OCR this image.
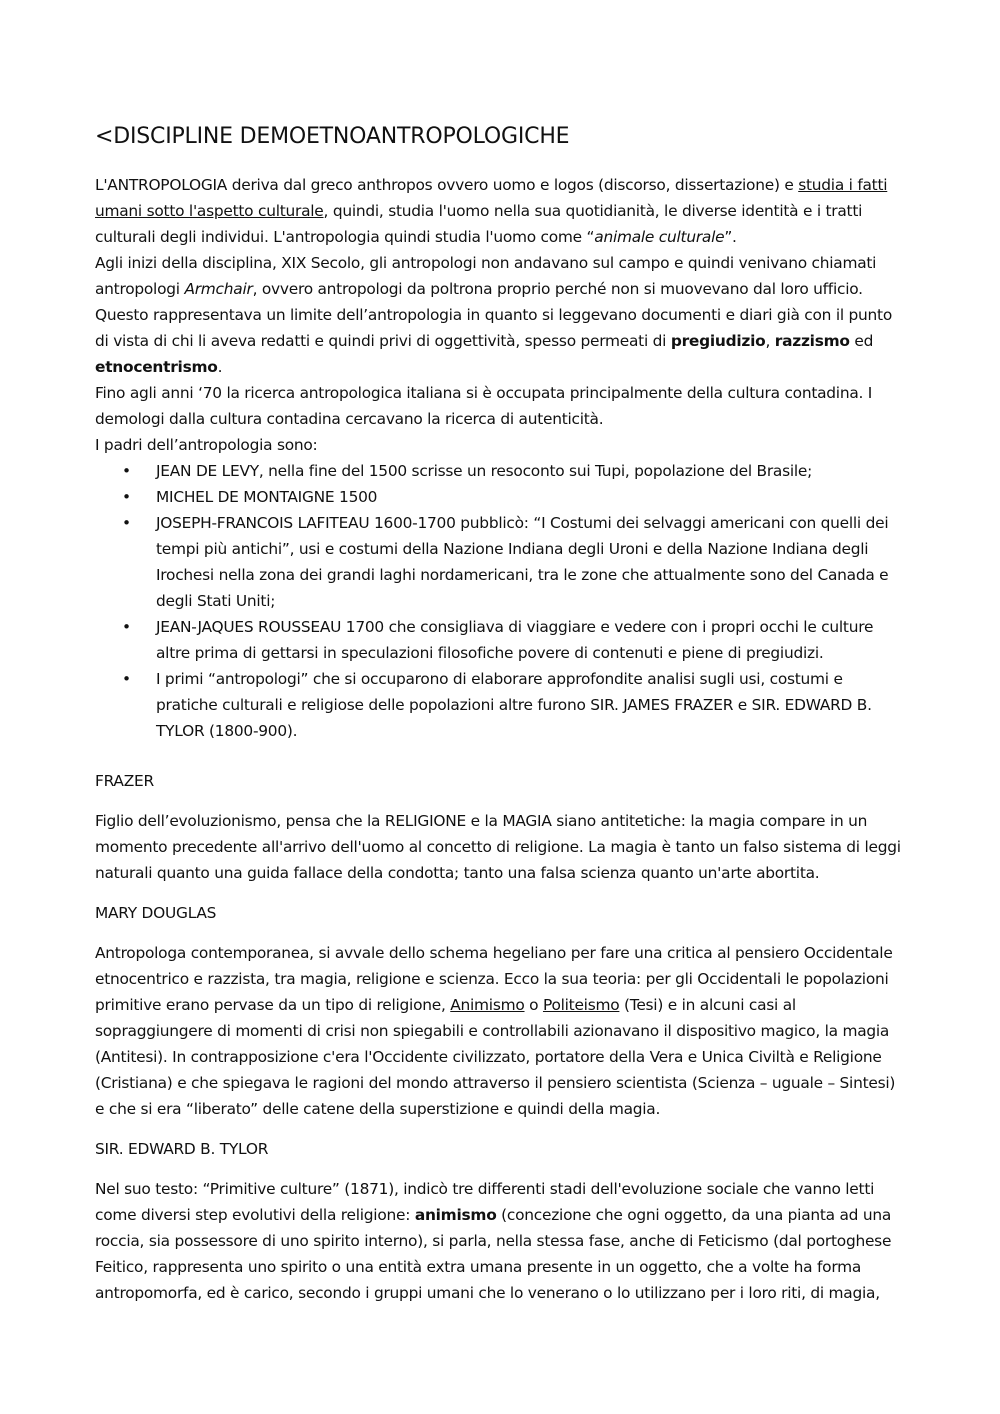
<DISCIPLINE DEMOETNOANTROPOLOGICHE

L'ANTROPOLOGIA deriva dal greco anthropos ovvero uomo e logos (discorso, dissertazione) e studia i fatti umani sotto l'aspetto culturale, quindi, studia l'uomo nella sua quotidianità, le diverse identità e i tratti culturali degli individui. L'antropologia quindi studia l'uomo come “animale culturale”.

Agli inizi della disciplina, XIX Secolo, gli antropologi non andavano sul campo e quindi venivano chiamati antropologi Armchair, ovvero antropologi da poltrona proprio perché non si muovevano dal loro ufficio. Questo rappresentava un limite dell’antropologia in quanto si leggevano documenti e diari già con il punto di vista di chi li aveva redatti e quindi privi di oggettività, spesso permeati di pregiudizio, razzismo ed etnocentrismo.

Fino agli anni ‘70 la ricerca antropologica italiana si è occupata principalmente della cultura contadina. I demologi dalla cultura contadina cercavano la ricerca di autenticità.

I padri dell’antropologia sono:

• JEAN DE LEVY, nella fine del 1500 scrisse un resoconto sui Tupi, popolazione del Brasile;
• MICHEL DE MONTAIGNE 1500
• JOSEPH-FRANCOIS LAFITEAU 1600-1700 pubblicò: “I Costumi dei selvaggi americani con quelli dei tempi più antichi”, usi e costumi della Nazione Indiana degli Uroni e della Nazione Indiana degli Irochesi nella zona dei grandi laghi nordamericani, tra le zone che attualmente sono del Canada e degli Stati Uniti;
• JEAN-JAQUES ROUSSEAU 1700 che consigliava di viaggiare e vedere con i propri occhi le culture altre prima di gettarsi in speculazioni filosofiche povere di contenuti e piene di pregiudizi.
• I primi “antropologi” che si occuparono di elaborare approfondite analisi sugli usi, costumi e pratiche culturali e religiose delle popolazioni altre furono SIR. JAMES FRAZER e SIR. EDWARD B. TYLOR (1800-900).

FRAZER

Figlio dell’evoluzionismo, pensa che la RELIGIONE e la MAGIA siano antitetiche: la magia compare in un momento precedente all'arrivo dell'uomo al concetto di religione. La magia è tanto un falso sistema di leggi naturali quanto una guida fallace della condotta; tanto una falsa scienza quanto un'arte abortita.

MARY DOUGLAS

Antropologa contemporanea, si avvale dello schema hegeliano per fare una critica al pensiero Occidentale etnocentrico e razzista, tra magia, religione e scienza. Ecco la sua teoria: per gli Occidentali le popolazioni primitive erano pervase da un tipo di religione, Animismo o Politeismo (Tesi) e in alcuni casi al sopraggiungere di momenti di crisi non spiegabili e controllabili azionavano il dispositivo magico, la magia (Antitesi). In contrapposizione c'era l'Occidente civilizzato, portatore della Vera e Unica Civiltà e Religione (Cristiana) e che spiegava le ragioni del mondo attraverso il pensiero scientista (Scienza – uguale – Sintesi) e che si era “liberato” delle catene della superstizione e quindi della magia.

SIR. EDWARD B. TYLOR

Nel suo testo: “Primitive culture” (1871), indicò tre differenti stadi dell'evoluzione sociale che vanno letti come diversi step evolutivi della religione: animismo (concezione che ogni oggetto, da una pianta ad una roccia, sia possessore di uno spirito interno), si parla, nella stessa fase, anche di Feticismo (dal portoghese Feitico, rappresenta uno spirito o una entità extra umana presente in un oggetto, che a volte ha forma antropomorfa, ed è carico, secondo i gruppi umani che lo venerano o lo utilizzano per i loro riti, di magia,
